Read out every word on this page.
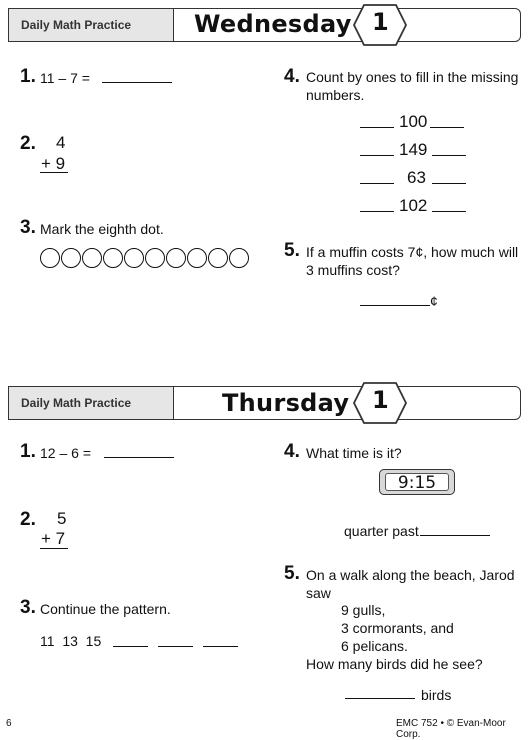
Daily Math Practice	Wednesday 1
1. 11 – 7 =
2. 4
+ 9
3. Mark the eighth dot.
4. Count by ones to fill in the missing
numbers.
100
149
63
102
5. If a muffin costs 7¢, how much will
3 muffins cost?
¢
Daily Math Practice	Thursday 1
1. 12 – 6 =
2. 5
+ 7
3. Continue the pattern.
11  13  15
4. What time is it?
9:15
quarter past
5. On a walk along the beach, Jarod
saw
9 gulls,
3 cormorants, and
6 pelicans.
How many birds did he see?
birds
6	EMC 752 • © Evan-Moor Corp.
